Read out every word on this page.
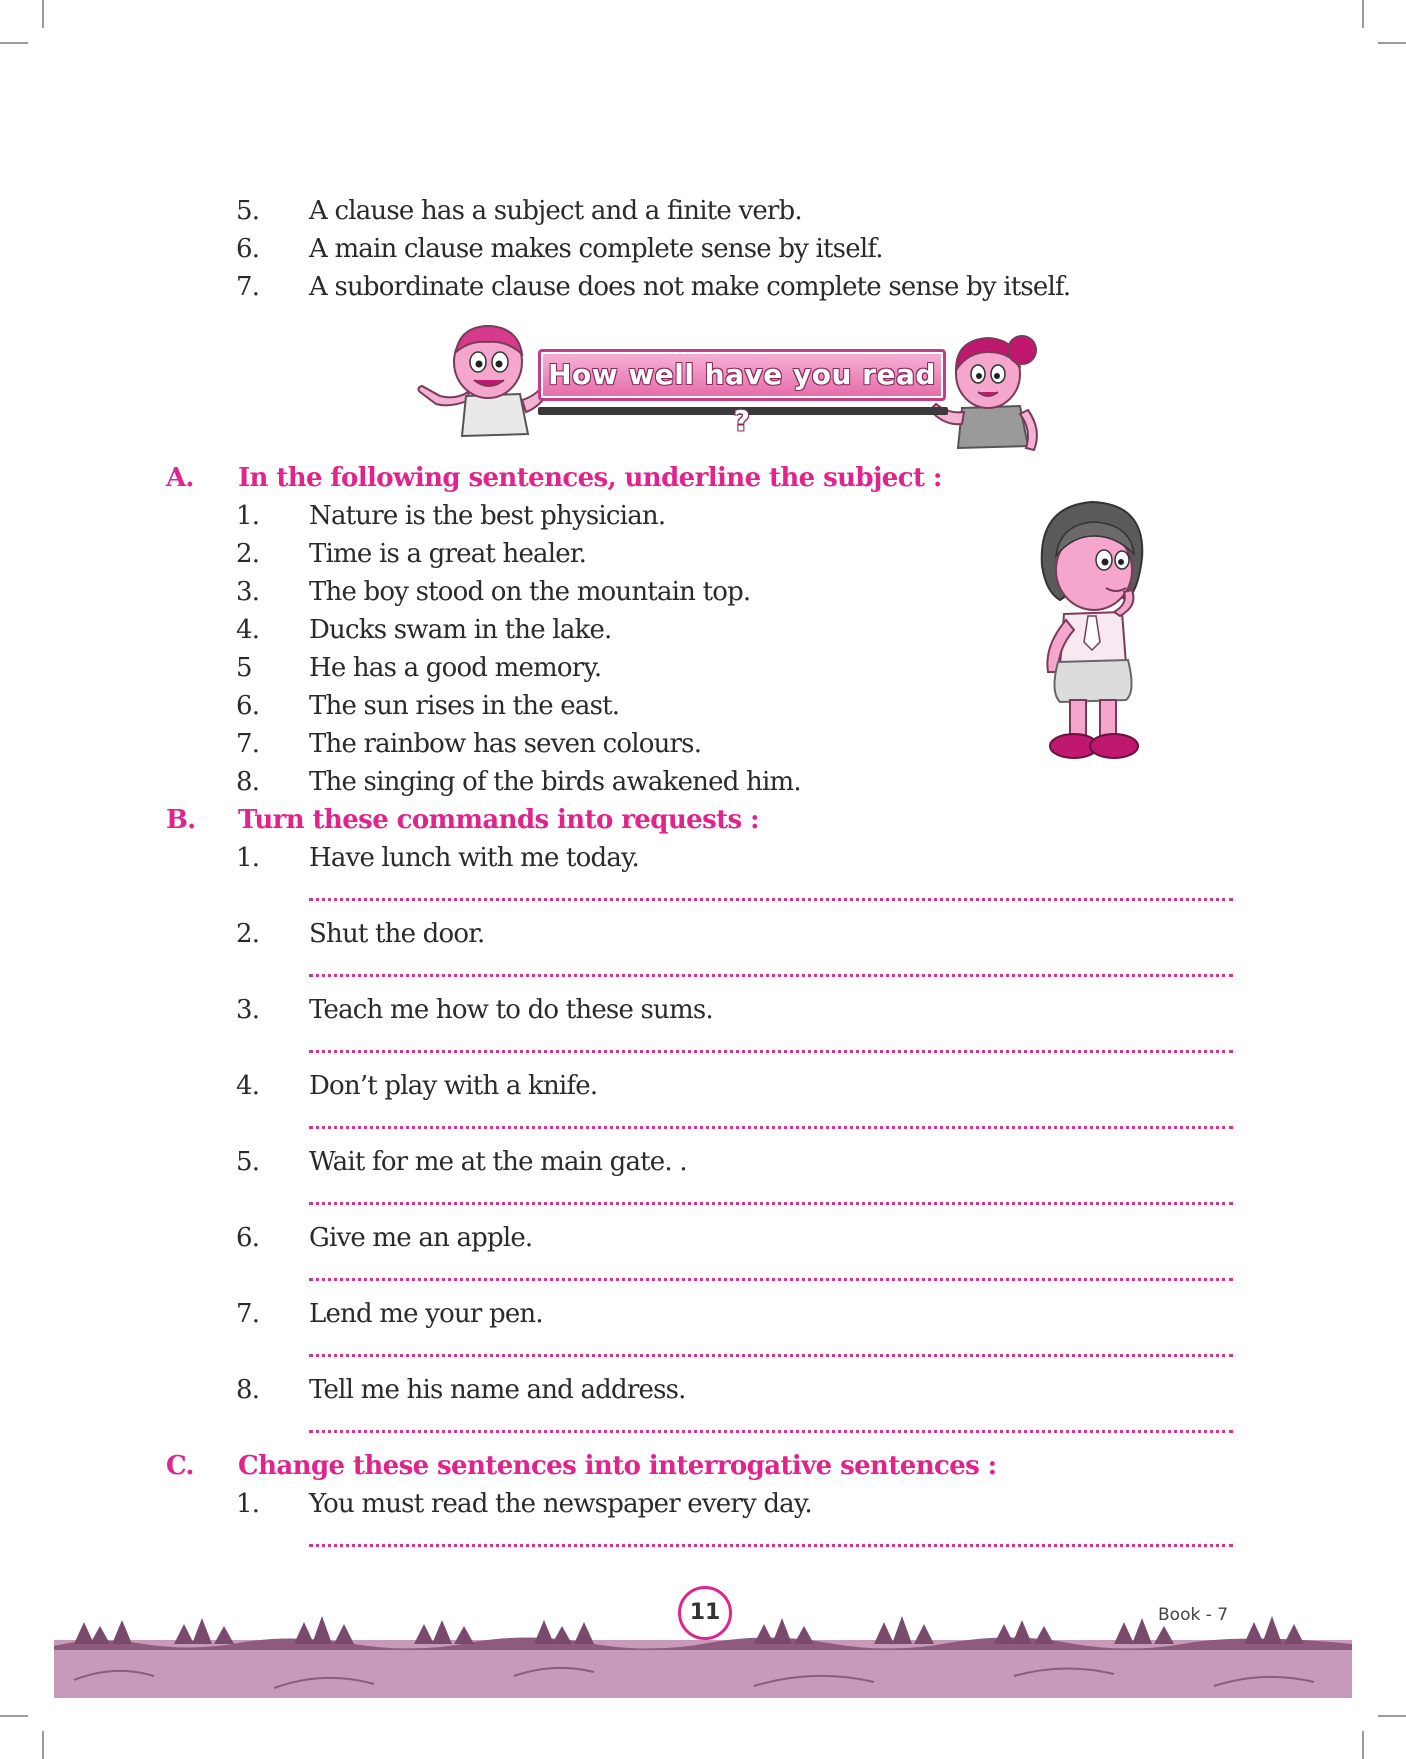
5.	A clause has a subject and a finite verb.
6.	A main clause makes complete sense by itself.
7.	A subordinate clause does not make complete sense by itself.
How well have you read ?
A. In the following sentences, underline the subject :
1.	Nature is the best physician.
2.	Time is a great healer.
3.	The boy stood on the mountain top.
4.	Ducks swam in the lake.
5	He has a good memory.
6.	The sun rises in the east.
7.	The rainbow has seven colours.
8.	The singing of the birds awakened him.
B. Turn these commands into requests :
1.	Have lunch with me today.
2.	Shut the door.
3.	Teach me how to do these sums.
4.	Don’t play with a knife.
5.	Wait for me at the main gate. .
6.	Give me an apple.
7.	Lend me your pen.
8.	Tell me his name and address.
C. Change these sentences into interrogative sentences :
1.	You must read the newspaper every day.
11	Book - 7
